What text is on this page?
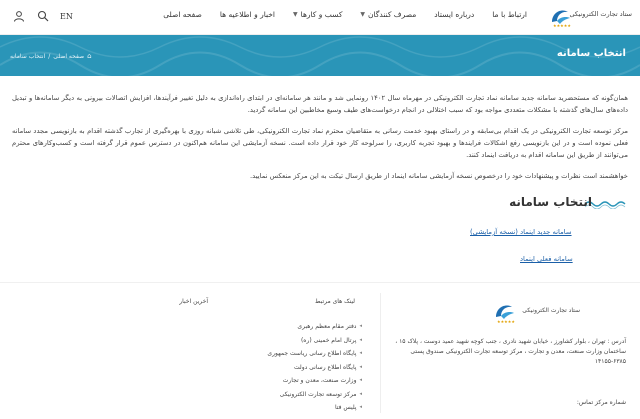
★★★★★
ستاد تجارت الکترونیکی
صفحه اصلی اخبار و اطلاعیه ها	کسب و کارها
▼	مصرف کنندگان
▼	درباره ایستاد ارتباط با ما
EN
انتخاب سامانه
⌂
صفحه اصلی
/
انتخاب سامانه

همان‌گونه که مستحضرید سامانه جدید سامانه نماد تجارت الکترونیکی در مهرماه سال ۱۴۰۲ رونمایی شد و مانند هر سامانه‌ای در ابتدای راه‌اندازی به دلیل تغییر فرآیندها، افزایش اتصالات بیرونی به دیگر سامانه‌ها و تبدیل داده‌های سال‌های گذشته با مشکلات متعددی مواجه بود که سبب اختلالی در انجام درخواست‌های طیف وسیع مخاطبین این سامانه گردید.

مرکز توسعه تجارت الکترونیکی در یک اقدام بی‌سابقه و در راستای بهبود خدمت رسانی به متقاضیان محترم نماد تجارت الکترونیکی، طی تلاشی شبانه روزی با بهره‌گیری از تجارب گذشته اقدام به بازنویسی مجدد سامانه فعلی نموده است و در این بازنویسی رفع اشکالات فرایندها و بهبود تجربه کاربری، را سرلوحه کار خود قرار داده است. نسخه آزمایشی این سامانه هم‌اکنون در دسترس عموم قرار گرفته است و کسب‌وکارهای محترم می‌توانند از طریق این سامانه اقدام به دریافت اینماد کنند.

خواهشمند است نظرات و پیشنهادات خود را درخصوص نسخه آزمایشی سامانه اینماد از طریق ارسال تیکت به این مرکز منعکس نمایید.

انتخاب سامانه
سامانه جدید اینماد (نسخه آزمایشی)
سامانه فعلی اینماد
★★★★★
ستاد تجارت الکترونیکی
آدرس : تهران ، بلوار کشاورز ، خیابان شهید نادری ، جنب کوچه شهید عمید دوست ، پلاک ۱۵ ، ساختمان وزارت صنعت، معدن و تجارت ، مرکز توسعه تجارت الکترونیکی صندوق پستی ۶۳۸۵-۱۴۱۵۵
شماره مرکز تماس:
لینک های مرتبط
آخرین اخبار
◂
دفتر مقام معظم رهبری
◂
پرتال امام خمینی (ره)
◂
پایگاه اطلاع رسانی ریاست جمهوری
◂
پایگاه اطلاع رسانی دولت
◂
وزارت صنعت، معدن و تجارت
◂
مرکز توسعه تجارت الکترونیکی
◂
پلیس فتا
